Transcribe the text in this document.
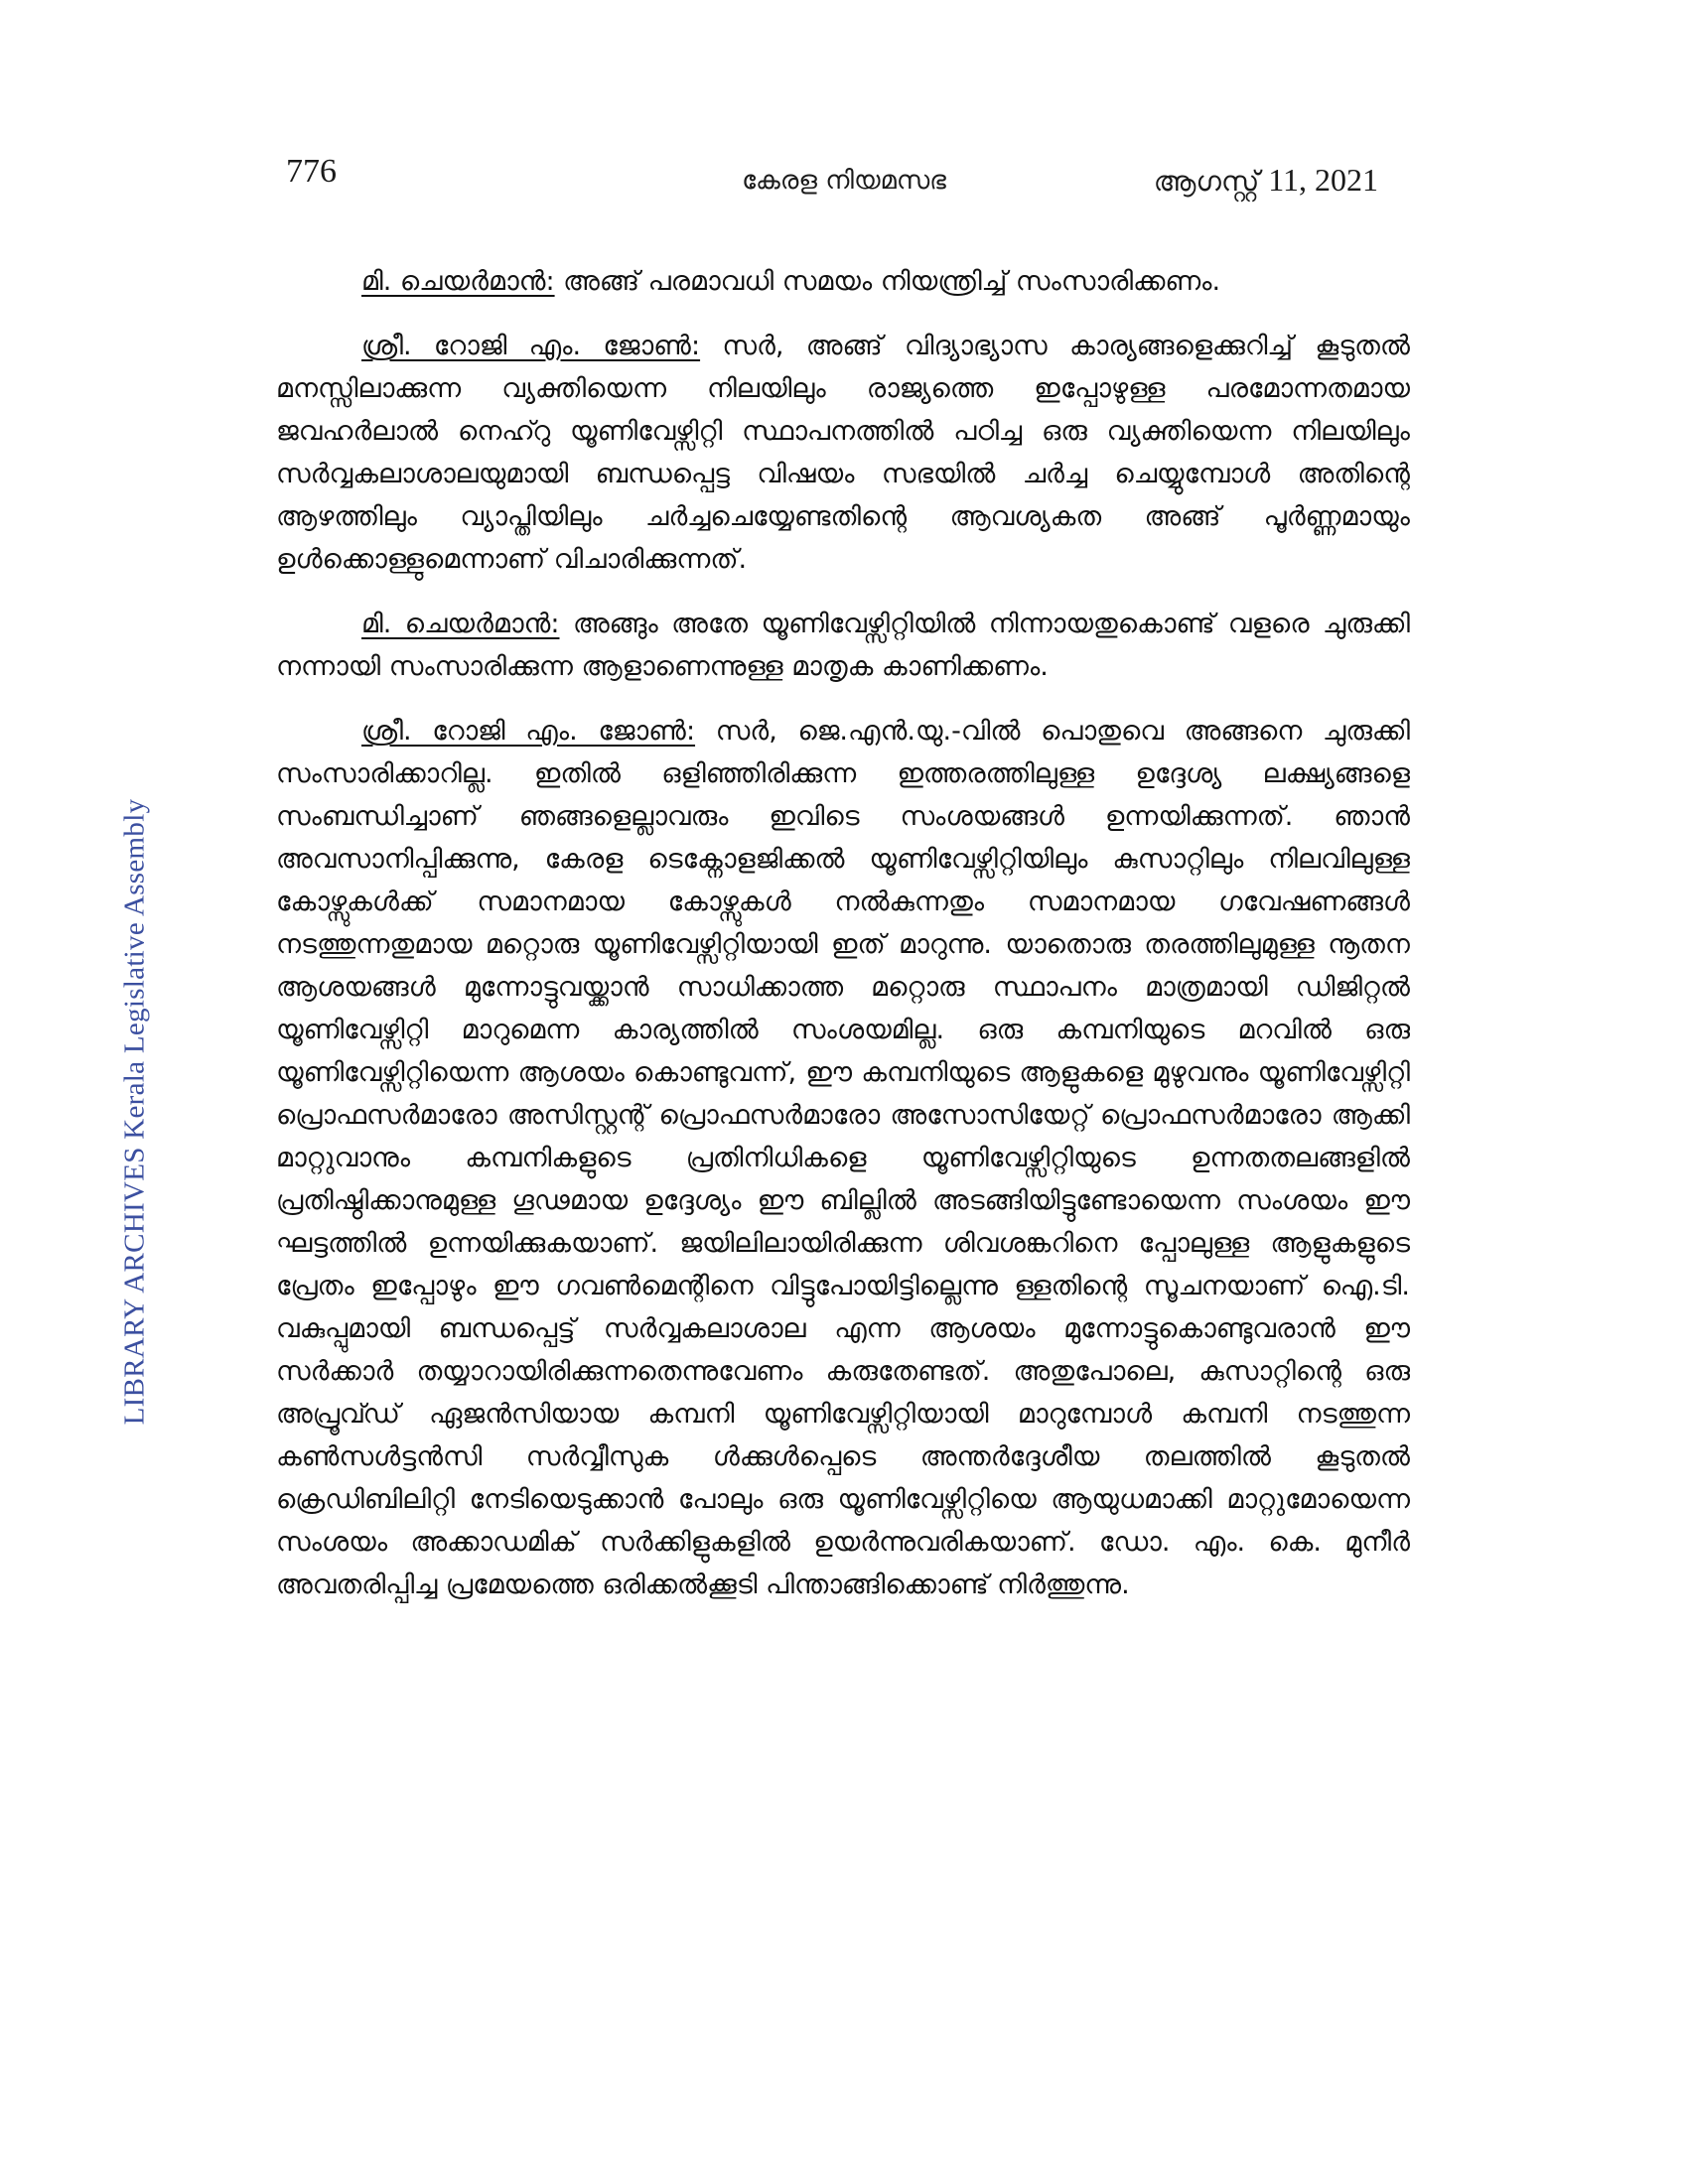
776	കേരള നിയമസഭ	ആഗസ്റ്റ് 11, 2021

മി. ചെയർമാൻ: അങ്ങ് പരമാവധി സമയം നിയന്ത്രിച്ച് സംസാരിക്കണം.

ശ്രീ. റോജി എം. ജോൺ: സർ, അങ്ങ് വിദ്യാഭ്യാസ കാര്യങ്ങളെക്കുറിച്ച് കൂടുതൽ മനസ്സിലാക്കുന്ന വ്യക്തിയെന്ന നിലയിലും രാജ്യത്തെ ഇപ്പോഴുള്ള പരമോന്നതമായ ജവഹർലാൽ നെഹ്റു യൂണിവേഴ്സിറ്റി സ്ഥാപനത്തിൽ പഠിച്ച ഒരു വ്യക്തിയെന്ന നിലയിലും സർവ്വകലാശാലയുമായി ബന്ധപ്പെട്ട വിഷയം സഭയിൽ ചർച്ച ചെയ്യുമ്പോൾ അതിന്റെ ആഴത്തിലും വ്യാപ്തിയിലും ചർച്ചചെയ്യേണ്ടതിന്റെ ആവശ്യകത അങ്ങ് പൂർണ്ണമായും ഉൾക്കൊള്ളുമെന്നാണ് വിചാരിക്കുന്നത്.

മി. ചെയർമാൻ: അങ്ങും അതേ യൂണിവേഴ്സിറ്റിയിൽ നിന്നായതുകൊണ്ട് വളരെ ചുരുക്കി നന്നായി സംസാരിക്കുന്ന ആളാണെന്നുള്ള മാതൃക കാണിക്കണം.

ശ്രീ. റോജി എം. ജോൺ: സർ, ജെ.എൻ.യു.-വിൽ പൊതുവെ അങ്ങനെ ചുരുക്കി സംസാരിക്കാറില്ല. ഇതിൽ ഒളിഞ്ഞിരിക്കുന്ന ഇത്തരത്തിലുള്ള ഉദ്ദേശ്യ ലക്ഷ്യങ്ങളെ സംബന്ധിച്ചാണ് ഞങ്ങളെല്ലാവരും ഇവിടെ സംശയങ്ങൾ ഉന്നയിക്കുന്നത്. ഞാൻ അവസാനിപ്പിക്കുന്നു, കേരള ടെക്നോളജിക്കൽ യൂണിവേഴ്സിറ്റിയിലും കുസാറ്റിലും നിലവിലുള്ള കോഴ്സുകൾക്ക് സമാനമായ കോഴ്സുകൾ നൽകുന്നതും സമാനമായ ഗവേഷണങ്ങൾ നടത്തുന്നതുമായ മറ്റൊരു യൂണിവേഴ്സിറ്റിയായി ഇത് മാറുന്നു. യാതൊരു തരത്തിലുമുള്ള നൂതന ആശയങ്ങൾ മുന്നോട്ടുവയ്ക്കാൻ സാധിക്കാത്ത മറ്റൊരു സ്ഥാപനം മാത്രമായി ഡിജിറ്റൽ യൂണിവേഴ്സിറ്റി മാറുമെന്ന കാര്യത്തിൽ സംശയമില്ല. ഒരു കമ്പനിയുടെ മറവിൽ ഒരു യൂണിവേഴ്സിറ്റിയെന്ന ആശയം കൊണ്ടുവന്ന്, ഈ കമ്പനിയുടെ ആളുകളെ മുഴുവനും യൂണിവേഴ്സിറ്റി പ്രൊഫസർമാരോ അസിസ്റ്റന്റ് പ്രൊഫസർമാരോ അസോസിയേറ്റ് പ്രൊഫസർമാരോ ആക്കി മാറ്റുവാനും കമ്പനികളുടെ പ്രതിനിധികളെ യൂണിവേഴ്സിറ്റിയുടെ ഉന്നതതലങ്ങളിൽ പ്രതിഷ്ഠിക്കാനുമുള്ള ഗൂഢമായ ഉദ്ദേശ്യം ഈ ബില്ലിൽ അടങ്ങിയിട്ടുണ്ടോയെന്ന സംശയം ഈ ഘട്ടത്തിൽ ഉന്നയിക്കുകയാണ്. ജയിലിലായിരിക്കുന്ന ശിവശങ്കറിനെ പ്പോലുള്ള ആളുകളുടെ പ്രേതം ഇപ്പോഴും ഈ ഗവൺമെന്റിനെ വിട്ടുപോയിട്ടില്ലെന്നു ള്ളതിന്റെ സൂചനയാണ് ഐ.ടി. വകുപ്പുമായി ബന്ധപ്പെട്ട് സർവ്വകലാശാല എന്ന ആശയം മുന്നോട്ടുകൊണ്ടുവരാൻ ഈ സർക്കാർ തയ്യാറായിരിക്കുന്നതെന്നുവേണം കരുതേണ്ടത്. അതുപോലെ, കുസാറ്റിന്റെ ഒരു അപ്രൂവ്ഡ് ഏജൻസിയായ കമ്പനി യൂണിവേഴ്സിറ്റിയായി മാറുമ്പോൾ കമ്പനി നടത്തുന്ന കൺസൾട്ടൻസി സർവ്വീസുക ൾക്കുൾപ്പെടെ അന്തർദ്ദേശീയ തലത്തിൽ കൂടുതൽ ക്രെഡിബിലിറ്റി നേടിയെടുക്കാൻ പോലും ഒരു യൂണിവേഴ്സിറ്റിയെ ആയുധമാക്കി മാറ്റുമോയെന്ന സംശയം അക്കാഡമിക് സർക്കിളുകളിൽ ഉയർന്നുവരികയാണ്. ഡോ. എം. കെ. മുനീർ അവതരിപ്പിച്ച പ്രമേയത്തെ ഒരിക്കൽക്കൂടി പിന്താങ്ങിക്കൊണ്ട് നിർത്തുന്നു.

LIBRARY ARCHIVES Kerala Legislative Assembly
